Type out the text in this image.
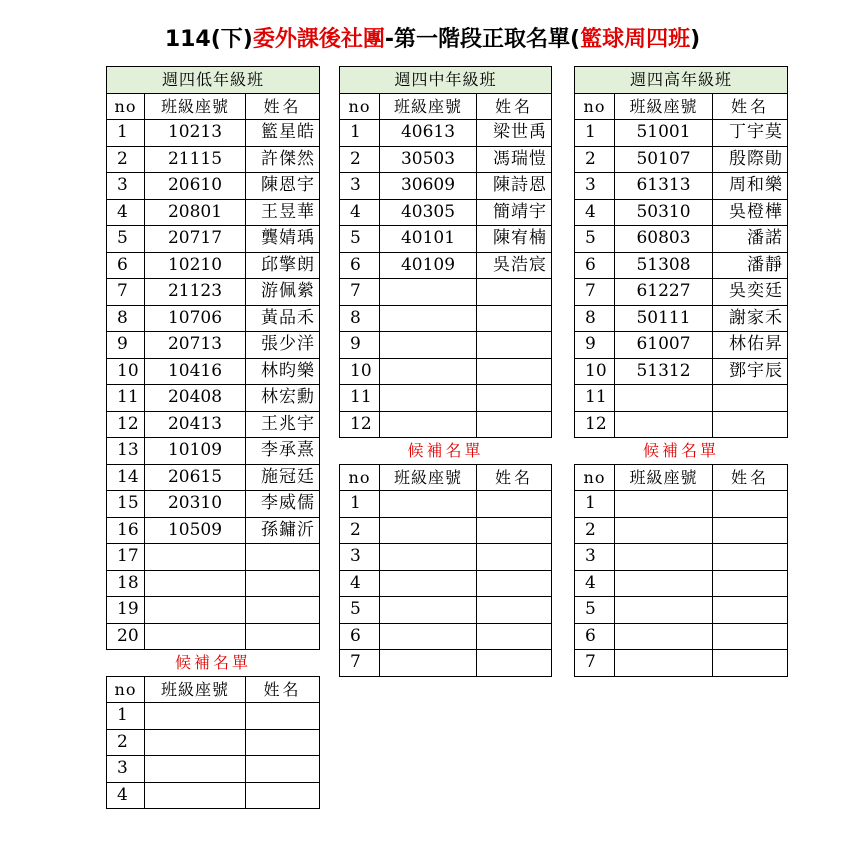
114(下)委外課後社團-第一階段正取名單(籃球周四班)
週四低年級班		
no	班級座號	姓名
1	10213	籃星皓
2	21115	許傑然
3	20610	陳恩宇
4	20801	王昱華
5	20717	龔婧瑀
6	10210	邱擎朗
7	21123	游佩縈
8	10706	黃品禾
9	20713	張少洋
10	10416	林昀樂
11	20408	林宏勳
12	20413	王兆宇
13	10109	李承熹
14	20615	施冠廷
15	20310	李威儒
16	10509	孫鏞沂
17		
18		
19		
20		
候補名單		
no	班級座號	姓名
1		
2		
3		
4		
週四中年級班		
no	班級座號	姓名
1	40613	梁世禹
2	30503	馮瑞愷
3	30609	陳詩恩
4	40305	簡靖宇
5	40101	陳宥楠
6	40109	吳浩宸
7		
8		
9		
10		
11		
12		
候補名單		
no	班級座號	姓名
1		
2		
3		
4		
5		
6		
7		
週四高年級班		
no	班級座號	姓名
1	51001	丁宇莫
2	50107	殷際勛
3	61313	周和樂
4	50310	吳橙樺
5	60803	潘諾
6	51308	潘靜
7	61227	吳奕廷
8	50111	謝家禾
9	61007	林佑昇
10	51312	鄧宇辰
11		
12		
候補名單		
no	班級座號	姓名
1		
2		
3		
4		
5		
6		
7		
